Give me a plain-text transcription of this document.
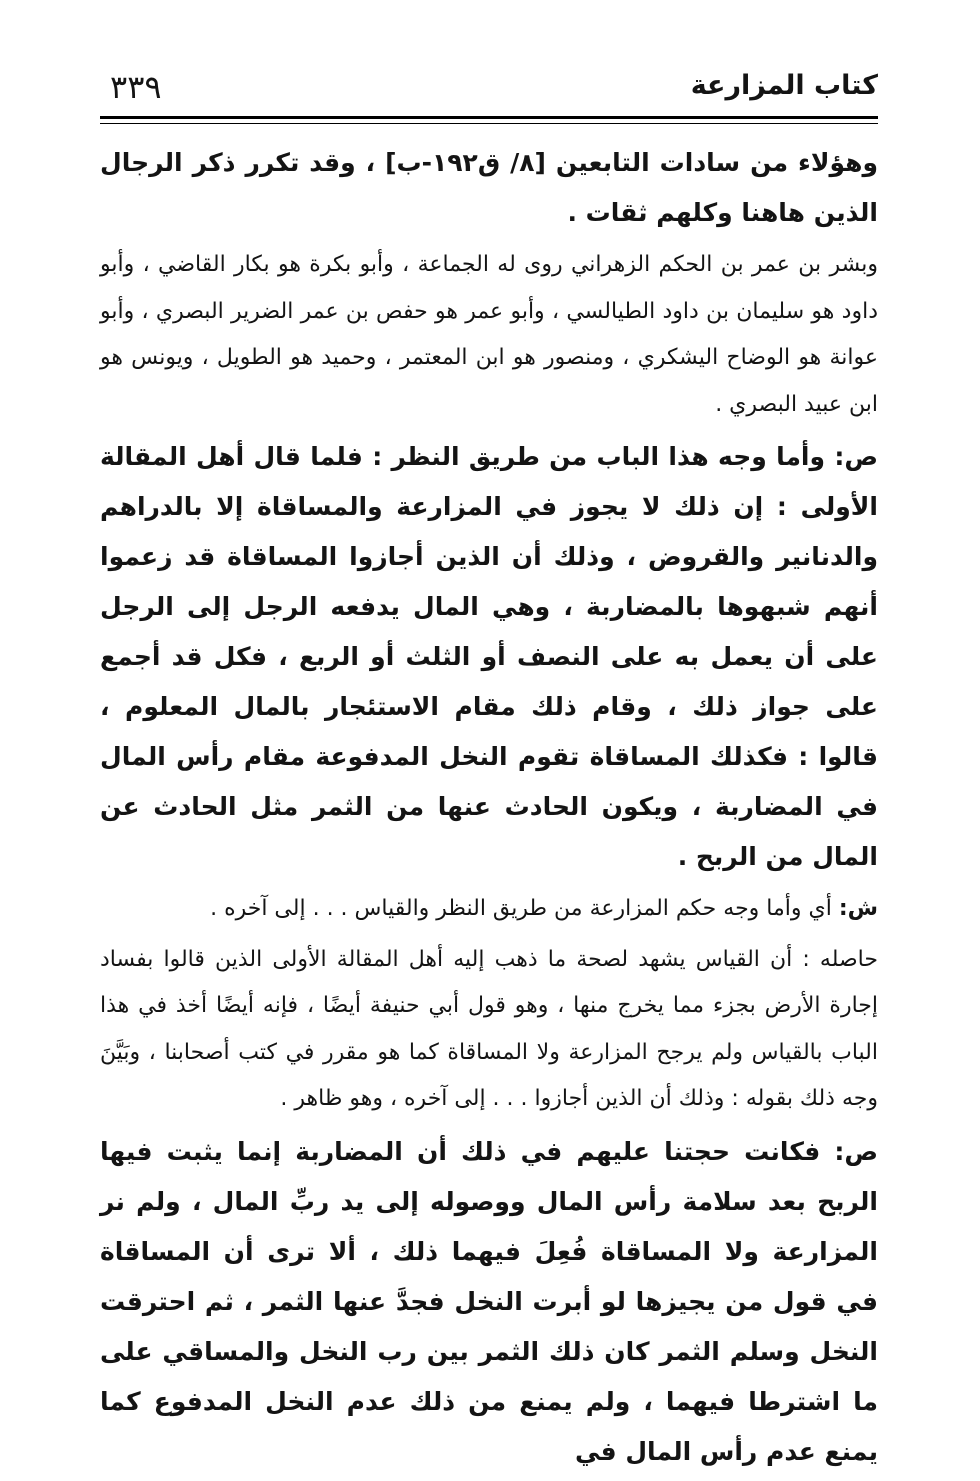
٣٣٩	كتاب المزارعة

وهؤلاء من سادات التابعين [٨/ ق١٩٢-ب] ، وقد تكرر ذكر الرجال الذين هاهنا وكلهم ثقات .

وبشر بن عمر بن الحكم الزهراني روى له الجماعة ، وأبو بكرة هو بكار القاضي ، وأبو داود هو سليمان بن داود الطيالسي ، وأبو عمر هو حفص بن عمر الضرير البصري ، وأبو عوانة هو الوضاح اليشكري ، ومنصور هو ابن المعتمر ، وحميد هو الطويل ، ويونس هو ابن عبيد البصري .

ص: وأما وجه هذا الباب من طريق النظر : فلما قال أهل المقالة الأولى : إن ذلك لا يجوز في المزارعة والمساقاة إلا بالدراهم والدنانير والقروض ، وذلك أن الذين أجازوا المساقاة قد زعموا أنهم شبهوها بالمضاربة ، وهي المال يدفعه الرجل إلى الرجل على أن يعمل به على النصف أو الثلث أو الربع ، فكل قد أجمع على جواز ذلك ، وقام ذلك مقام الاستئجار بالمال المعلوم ، قالوا : فكذلك المساقاة تقوم النخل المدفوعة مقام رأس المال في المضاربة ، ويكون الحادث عنها من الثمر مثل الحادث عن المال من الربح .

ش: أي وأما وجه حكم المزارعة من طريق النظر والقياس . . . إلى آخره .

حاصله : أن القياس يشهد لصحة ما ذهب إليه أهل المقالة الأولى الذين قالوا بفساد إجارة الأرض بجزء مما يخرج منها ، وهو قول أبي حنيفة أيضًا ، فإنه أيضًا أخذ في هذا الباب بالقياس ولم يرجح المزارعة ولا المساقاة كما هو مقرر في كتب أصحابنا ، وبَيَّنَ وجه ذلك بقوله : وذلك أن الذين أجازوا . . . إلى آخره ، وهو ظاهر .

ص: فكانت حجتنا عليهم في ذلك أن المضاربة إنما يثبت فيها الربح بعد سلامة رأس المال ووصوله إلى يد ربِّ المال ، ولم نر المزارعة ولا المساقاة فُعِلَ فيهما ذلك ، ألا ترى أن المساقاة في قول من يجيزها لو أبرت النخل فجدَّ عنها الثمر ، ثم احترقت النخل وسلم الثمر كان ذلك الثمر بين رب النخل والمساقي على ما اشترطا فيهما ، ولم يمنع من ذلك عدم النخل المدفوع كما يمنع عدم رأس المال في
